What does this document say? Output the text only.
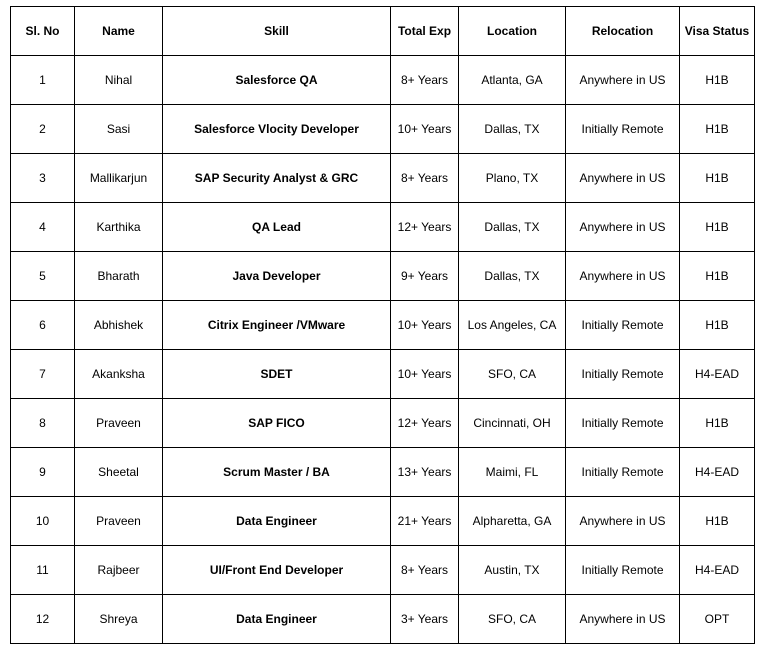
Sl. No	Name	Skill	Total Exp	Location	Relocation	Visa Status
1	Nihal	Salesforce QA	8+ Years	Atlanta, GA	Anywhere in US	H1B
2	Sasi	Salesforce Vlocity Developer	10+ Years	Dallas, TX	Initially Remote	H1B
3	Mallikarjun	SAP Security Analyst & GRC	8+ Years	Plano, TX	Anywhere in US	H1B
4	Karthika	QA Lead	12+ Years	Dallas, TX	Anywhere in US	H1B
5	Bharath	Java Developer	9+ Years	Dallas, TX	Anywhere in US	H1B
6	Abhishek	Citrix Engineer /VMware	10+ Years	Los Angeles, CA	Initially Remote	H1B
7	Akanksha	SDET	10+ Years	SFO, CA	Initially Remote	H4-EAD
8	Praveen	SAP FICO	12+ Years	Cincinnati, OH	Initially Remote	H1B
9	Sheetal	Scrum Master / BA	13+ Years	Maimi, FL	Initially Remote	H4-EAD
10	Praveen	Data Engineer	21+ Years	Alpharetta, GA	Anywhere in US	H1B
11	Rajbeer	UI/Front End Developer	8+ Years	Austin, TX	Initially Remote	H4-EAD
12	Shreya	Data Engineer	3+ Years	SFO, CA	Anywhere in US	OPT
